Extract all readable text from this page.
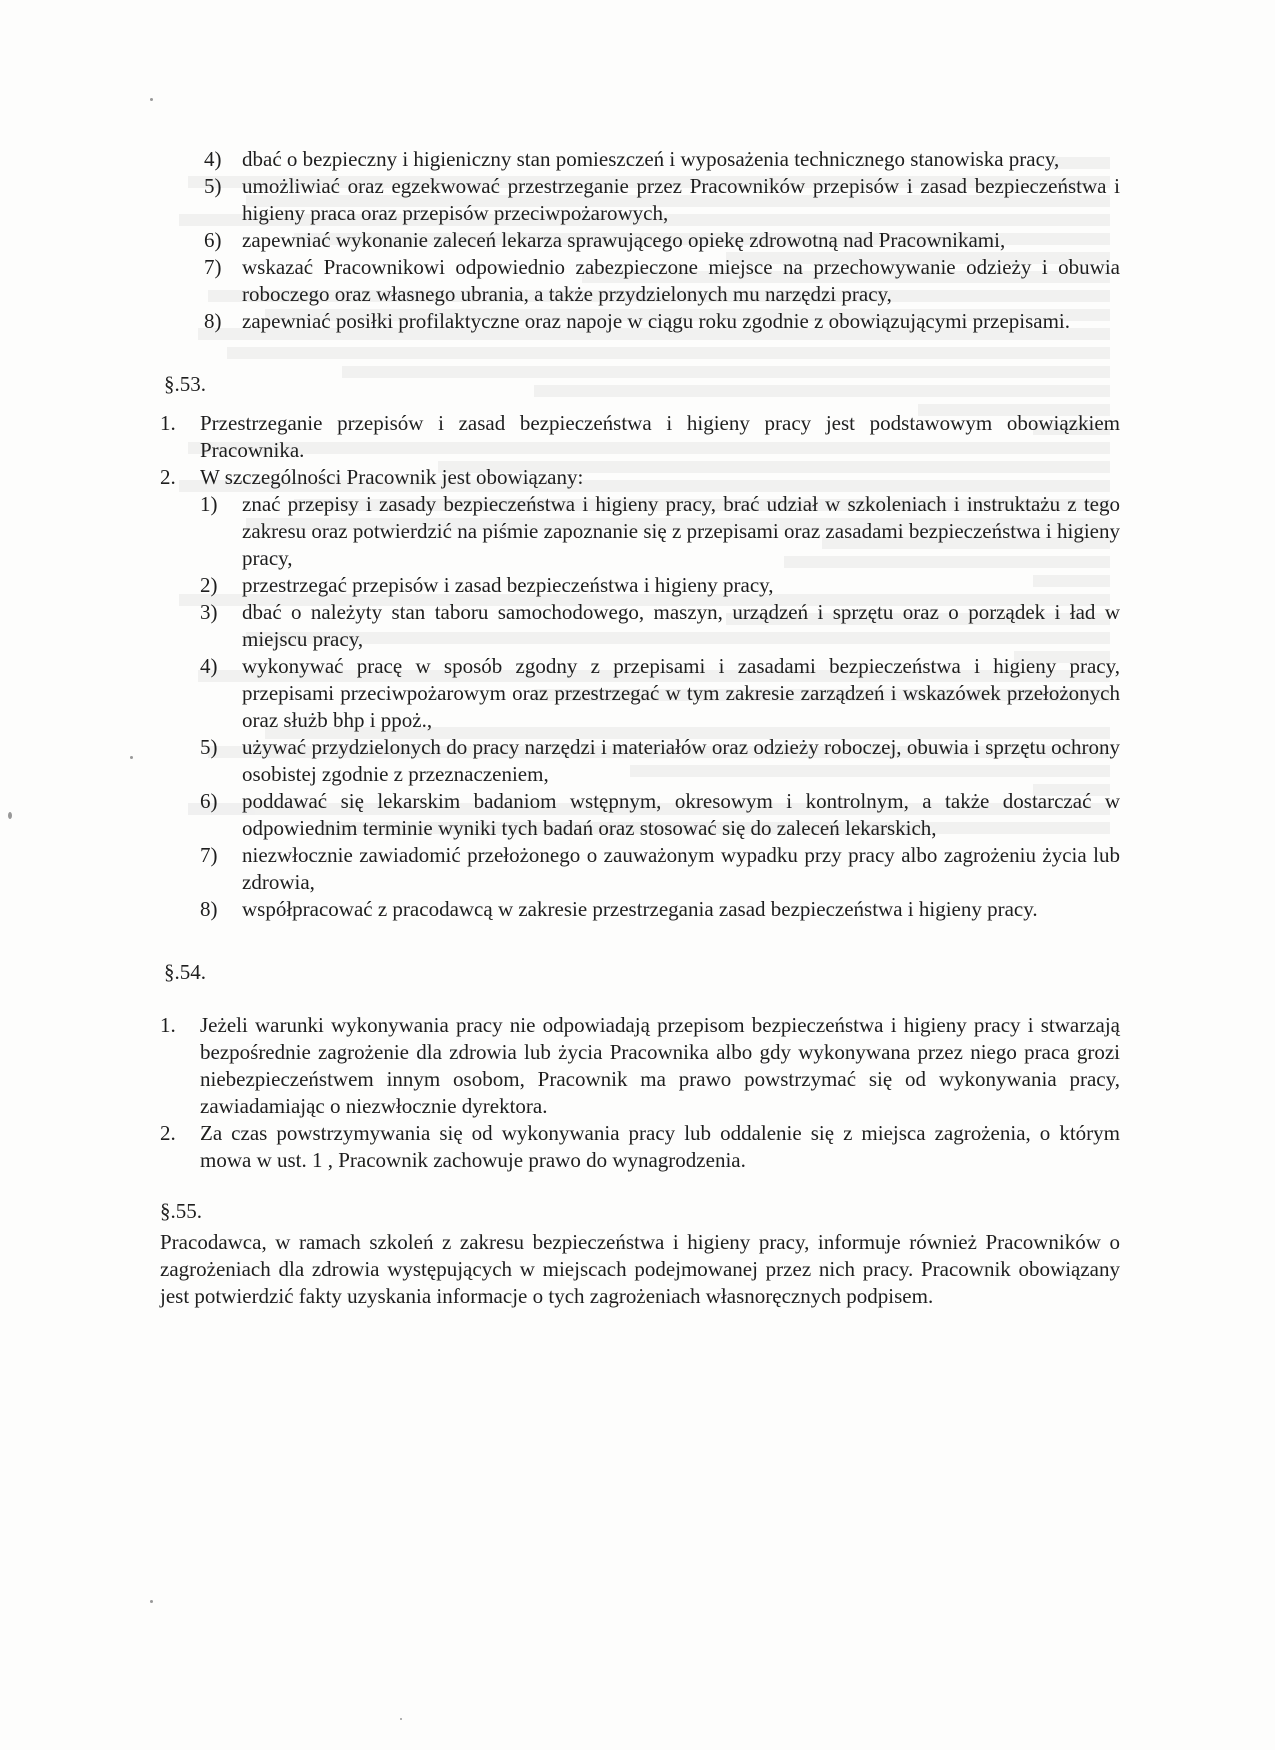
4) dbać o bezpieczny i higieniczny stan pomieszczeń i wyposażenia technicznego stanowiska pracy,
5) umożliwiać oraz egzekwować przestrzeganie przez Pracowników przepisów i zasad bezpieczeństwa i higieny praca oraz przepisów przeciwpożarowych,
6) zapewniać wykonanie zaleceń lekarza sprawującego opiekę zdrowotną nad Pracownikami,
7) wskazać Pracownikowi odpowiednio zabezpieczone miejsce na przechowywanie odzieży i obuwia roboczego oraz własnego ubrania, a także przydzielonych mu narzędzi pracy,
8) zapewniać posiłki profilaktyczne oraz napoje w ciągu roku zgodnie z obowiązującymi przepisami.
§.53.
1. Przestrzeganie przepisów i zasad bezpieczeństwa i higieny pracy jest podstawowym obowiązkiem Pracownika.
2. W szczególności Pracownik jest obowiązany:
1) znać przepisy i zasady bezpieczeństwa i higieny pracy, brać udział w szkoleniach i instruktażu z tego zakresu oraz potwierdzić na piśmie zapoznanie się z przepisami oraz zasadami bezpieczeństwa i higieny pracy,
2) przestrzegać przepisów i zasad bezpieczeństwa i higieny pracy,
3) dbać o należyty stan taboru samochodowego, maszyn, urządzeń i sprzętu oraz o porządek i ład w miejscu pracy,
4) wykonywać pracę w sposób zgodny z przepisami i zasadami bezpieczeństwa i higieny pracy, przepisami przeciwpożarowym oraz przestrzegać w tym zakresie zarządzeń i wskazówek przełożonych oraz służb bhp i ppoż.,
5) używać przydzielonych do pracy narzędzi i materiałów oraz odzieży roboczej, obuwia i sprzętu ochrony osobistej zgodnie z przeznaczeniem,
6) poddawać się lekarskim badaniom wstępnym, okresowym i kontrolnym, a także dostarczać w odpowiednim terminie wyniki tych badań oraz stosować się do zaleceń lekarskich,
7) niezwłocznie zawiadomić przełożonego o zauważonym wypadku przy pracy albo zagrożeniu życia lub zdrowia,
8) współpracować z pracodawcą w zakresie przestrzegania zasad bezpieczeństwa i higieny pracy.
§.54.
1. Jeżeli warunki wykonywania pracy nie odpowiadają przepisom bezpieczeństwa i higieny pracy i stwarzają bezpośrednie zagrożenie dla zdrowia lub życia Pracownika albo gdy wykonywana przez niego praca grozi niebezpieczeństwem innym osobom, Pracownik ma prawo powstrzymać się od wykonywania pracy, zawiadamiając o niezwłocznie dyrektora.
2. Za czas powstrzymywania się od wykonywania pracy lub oddalenie się z miejsca zagrożenia, o którym mowa w ust. 1 , Pracownik zachowuje prawo do wynagrodzenia.
§.55.
Pracodawca, w ramach szkoleń z zakresu bezpieczeństwa i higieny pracy, informuje również Pracowników o zagrożeniach dla zdrowia występujących w miejscach podejmowanej przez nich pracy. Pracownik obowiązany jest potwierdzić fakty uzyskania informacje o tych zagrożeniach własnoręcznych podpisem.
